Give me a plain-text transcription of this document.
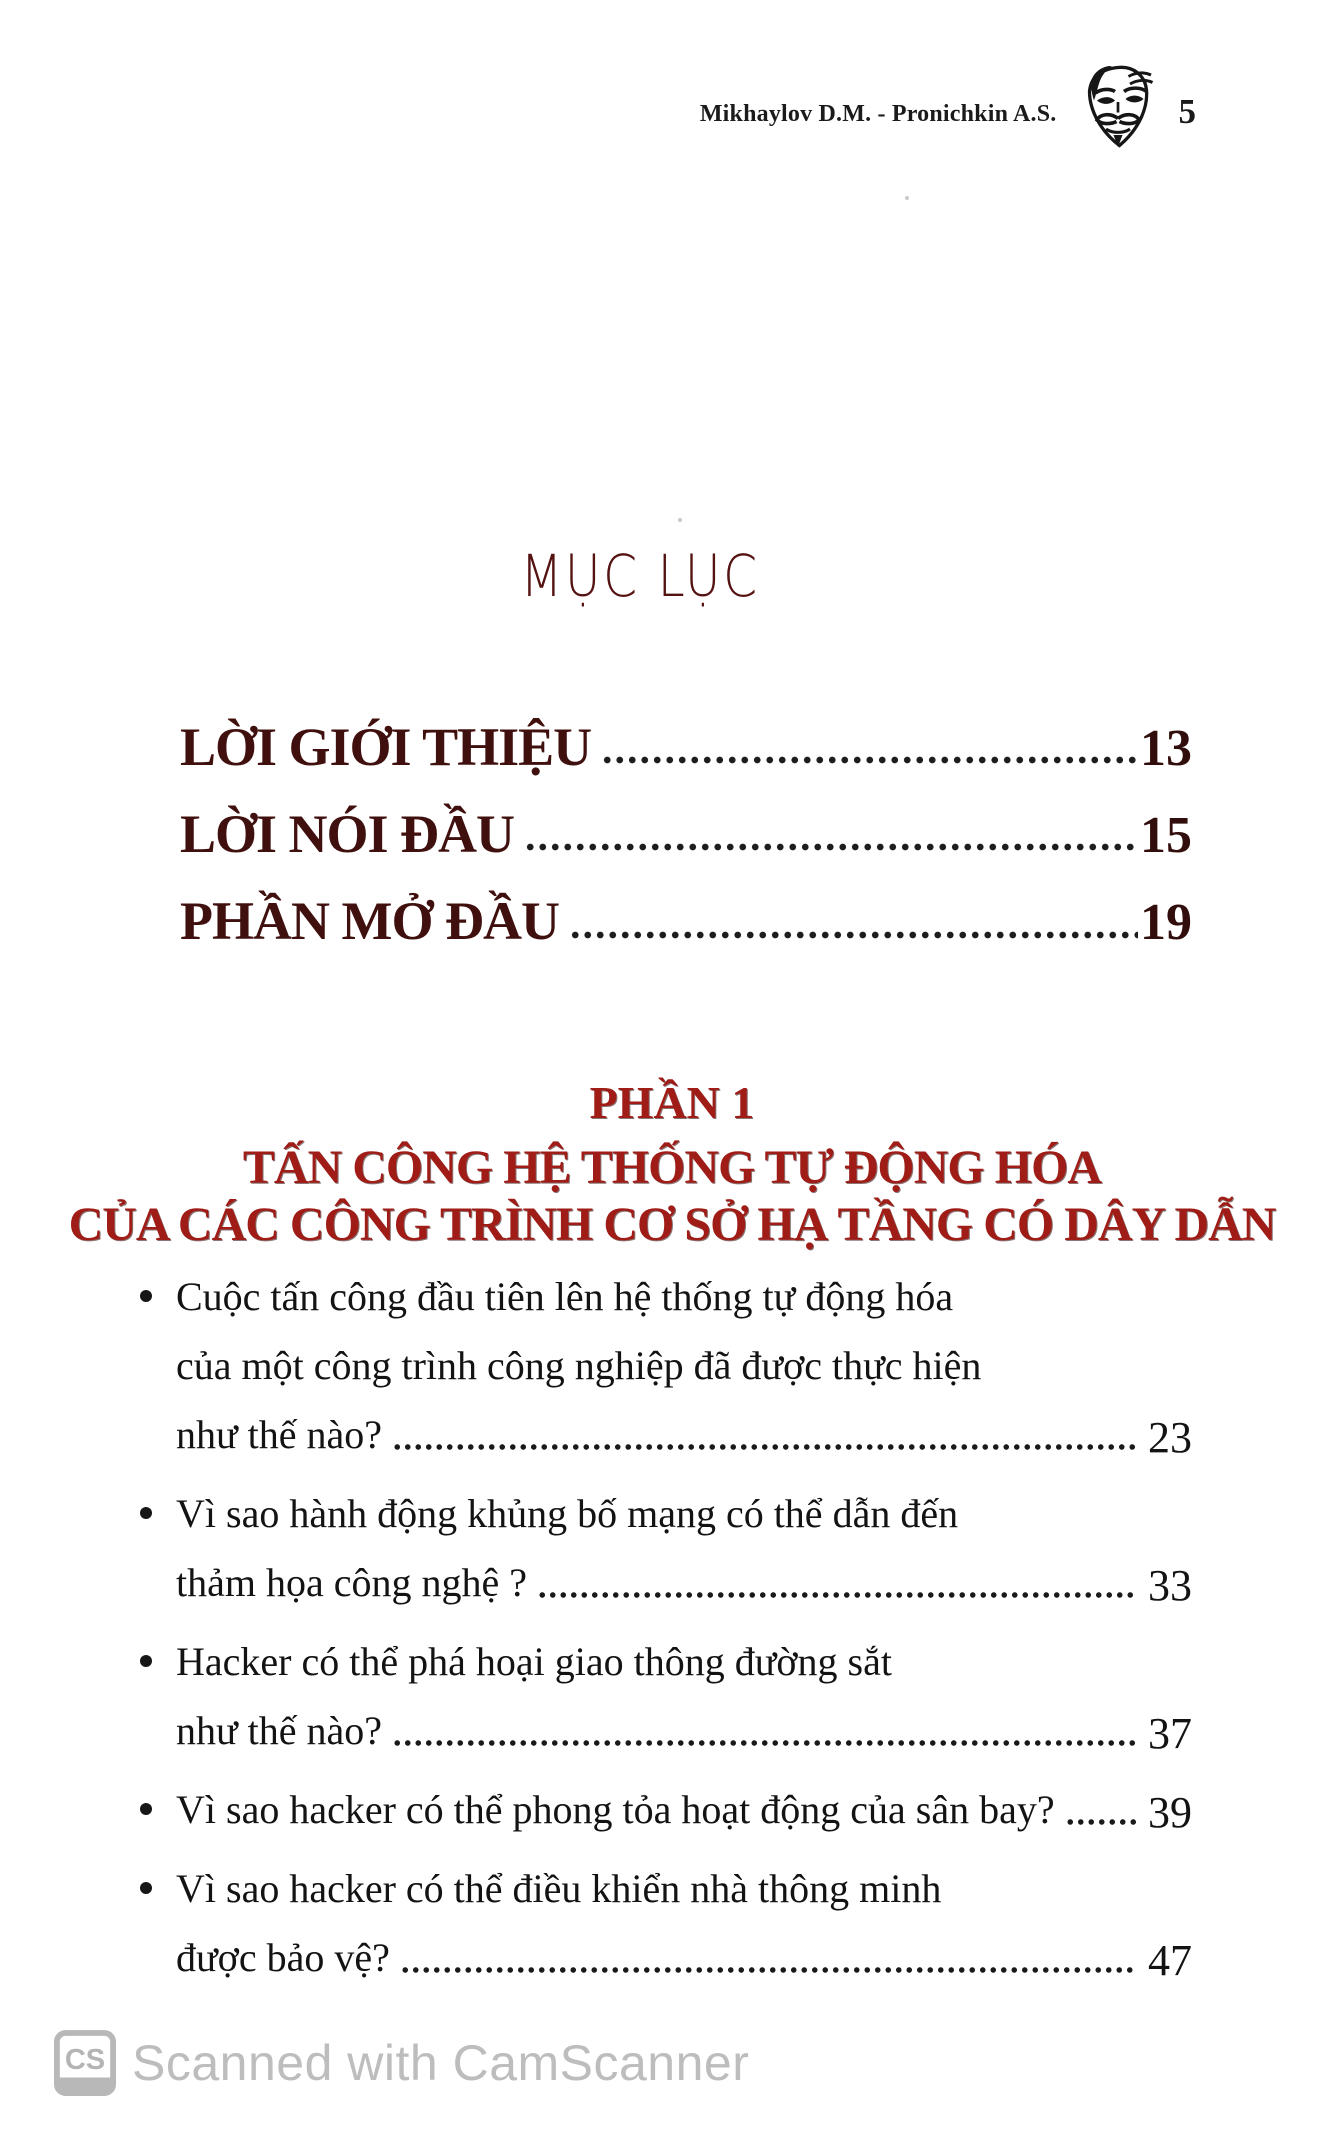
Mikhaylov D.M. - Pronichkin A.S.	5
MỤC LỤC
LỜI GIỚI THIỆU	13
LỜI NÓI ĐẦU	15
PHẦN MỞ ĐẦU	19
PHẦN 1
TẤN CÔNG HỆ THỐNG TỰ ĐỘNG HÓA
CỦA CÁC CÔNG TRÌNH CƠ SỞ HẠ TẦNG CÓ DÂY DẪN
Cuộc tấn công đầu tiên lên hệ thống tự động hóa
của một công trình công nghiệp đã được thực hiện
như thế nào?	23
Vì sao hành động khủng bố mạng có thể dẫn đến
thảm họa công nghệ ?	33
Hacker có thể phá hoại giao thông đường sắt
như thế nào?	37
Vì sao hacker có thể phong tỏa hoạt động của sân bay? 39
Vì sao hacker có thể điều khiển nhà thông minh
được bảo vệ?	47
CS Scanned with CamScanner
